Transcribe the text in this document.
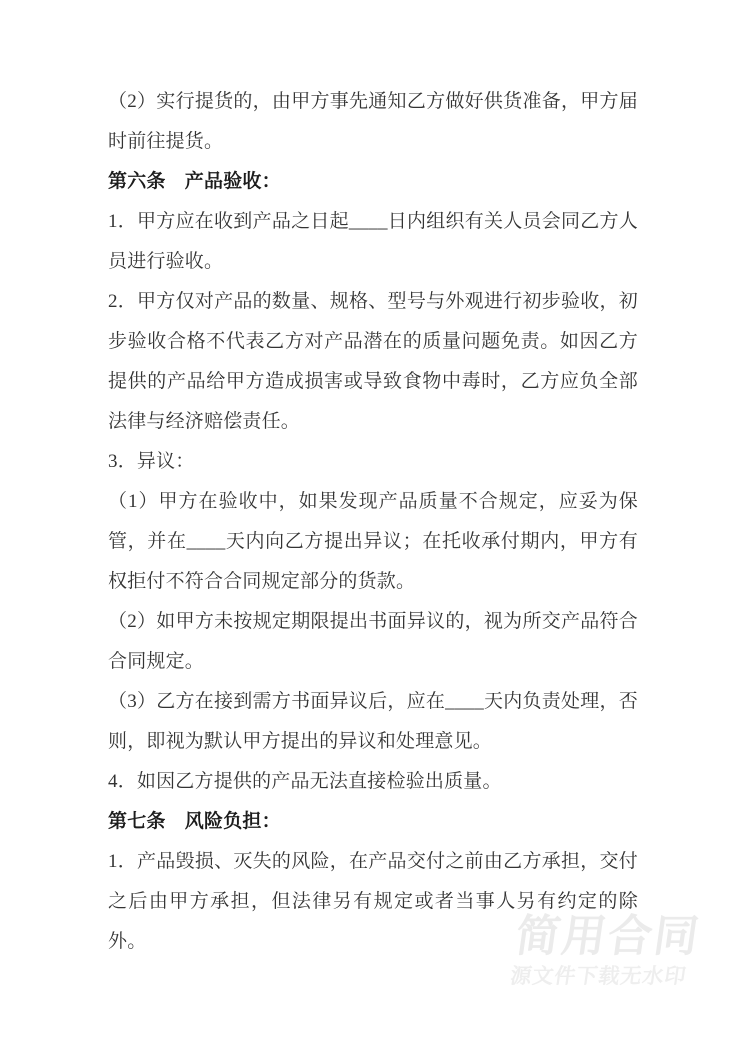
（2）实行提货的，由甲方事先通知乙方做好供货准备，甲方届时前往提货。

第六条　产品验收：

1．甲方应在收到产品之日起____日内组织有关人员会同乙方人员进行验收。

2．甲方仅对产品的数量、规格、型号与外观进行初步验收，初步验收合格不代表乙方对产品潜在的质量问题免责。如因乙方提供的产品给甲方造成损害或导致食物中毒时，乙方应负全部法律与经济赔偿责任。

3．异议：

（1）甲方在验收中，如果发现产品质量不合规定，应妥为保管，并在____天内向乙方提出异议；在托收承付期内，甲方有权拒付不符合合同规定部分的货款。

（2）如甲方未按规定期限提出书面异议的，视为所交产品符合合同规定。

（3）乙方在接到需方书面异议后，应在____天内负责处理，否则，即视为默认甲方提出的异议和处理意见。

4．如因乙方提供的产品无法直接检验出质量。

第七条　风险负担：

1．产品毁损、灭失的风险，在产品交付之前由乙方承担，交付之后由甲方承担，但法律另有规定或者当事人另有约定的除外。	简用合同
源文件下载无水印
